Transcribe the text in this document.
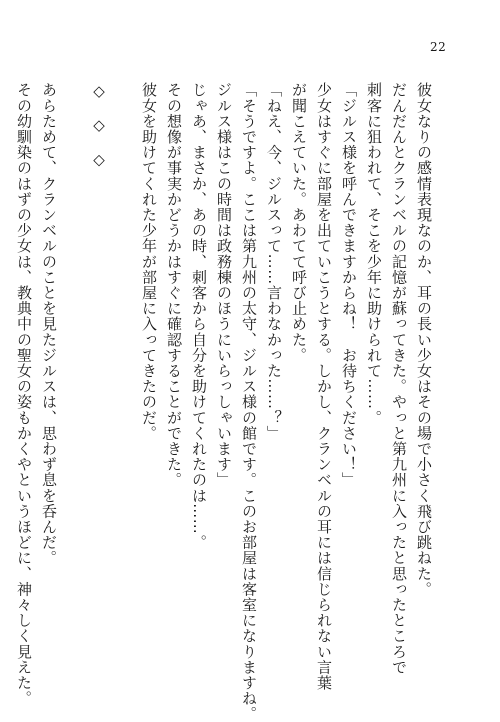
22

彼女なりの感情表現なのか、耳の長い少女はその場で小さく飛び跳ねた。

だんだんとクランベルの記憶が蘇ってきた。やっと第九州に入ったと思ったところで

刺客に狙われて、そこを少年に助けられて……。

「ジルス様を呼んできますからね！　お待ちください！」

少女はすぐに部屋を出ていこうとする。しかし、クランベルの耳には信じられない言葉

が聞こえていた。あわてて呼び止めた。

「ねえ、今、ジルスって……言わなかった……？」

「そうですよ。ここは第九州の太守、ジルス様の館です。このお部屋は客室になりますね。

ジルス様はこの時間は政務棟のほうにいらっしゃいます」

じゃあ、まさか、あの時、刺客から自分を助けてくれたのは……。

その想像が事実かどうかはすぐに確認することができた。

彼女を助けてくれた少年が部屋に入ってきたのだ。

◇　◇　◇

あらためて、クランベルのことを見たジルスは、思わず息を呑んだ。

その幼馴染のはずの少女は、教典中の聖女の姿もかくやというほどに、神々しく見えた。
